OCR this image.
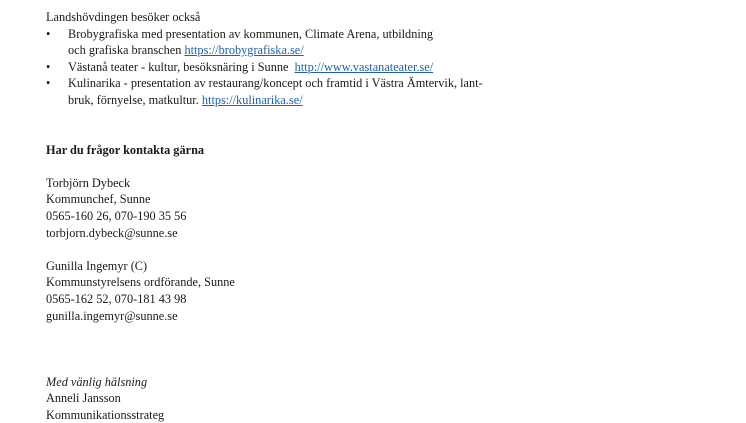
Landshövdingen besöker också
• Brobygrafiska med presentation av kommunen, Climate Arena, utbildning
och grafiska branschen https://brobygrafiska.se/
• Västanå teater - kultur, besöksnäring i Sunne  http://www.vastanateater.se/
• Kulinarika - presentation av restaurang/koncept och framtid i Västra Ämtervik, lant-
bruk, förnyelse, matkultur. https://kulinarika.se/
Har du frågor kontakta gärna
Torbjörn Dybeck
Kommunchef, Sunne
0565-160 26, 070-190 35 56
torbjorn.dybeck@sunne.se
Gunilla Ingemyr (C)
Kommunstyrelsens ordförande, Sunne
0565-162 52, 070-181 43 98
gunilla.ingemyr@sunne.se
Med vänlig hälsning
Anneli Jansson
Kommunikationsstrateg
